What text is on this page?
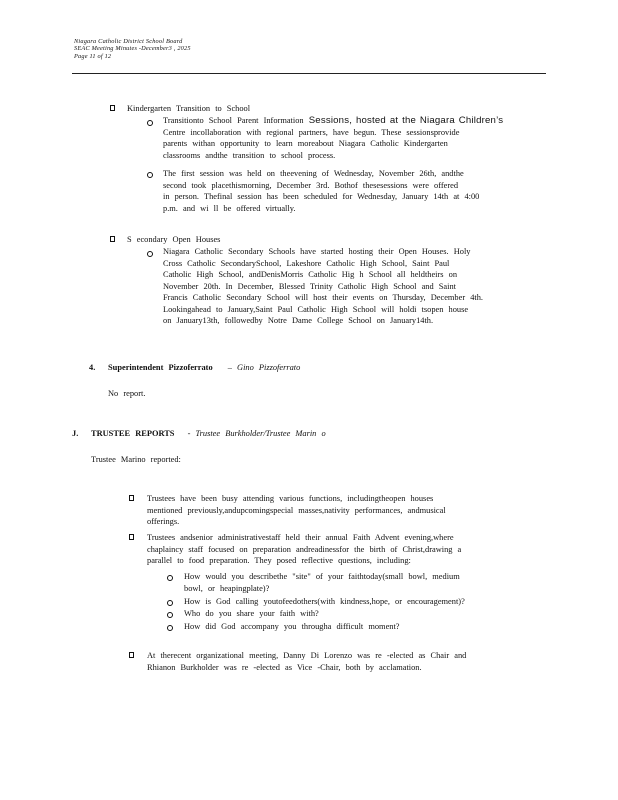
Niagara Catholic District School Board
SEAC Meeting Minutes -December3 , 2025
Page 11 of 12
Kindergarten Transition to School

Transitionto School Parent Information Sessions, hosted at the Niagara Children’s

Centre incollaboration with regional partners, have begun. These sessionsprovide

parents withan opportunity to learn moreabout Niagara Catholic Kindergarten

classrooms andthe transition to school process.

The first session was held on theevening of Wednesday, November 26th, andthe

second took placethismorning, December 3rd. Bothof thesesessions were offered

in person. Thefinal session has been scheduled for Wednesday, January 14th at 4:00

p.m. and wi ll be offered virtually.

S econdary Open Houses

Niagara Catholic Secondary Schools have started hosting their Open Houses. Holy

Cross Catholic SecondarySchool, Lakeshore Catholic High School, Saint Paul

Catholic High School, andDenisMorris Catholic Hig h School all heldtheirs on

November 20th. In December, Blessed Trinity Catholic High School and Saint

Francis Catholic Secondary School will host their events on Thursday, December 4th.

Lookingahead to January,Saint Paul Catholic High School will holdi tsopen house

on January13th, followedby Notre Dame College School on January14th.

4. Superintendent Pizzoferrato – Gino Pizzoferrato
No report.
J. TRUSTEE REPORTS - Trustee Burkholder/Trustee Marin o
Trustee Marino reported:

Trustees have been busy attending various functions, includingtheopen houses

mentioned previously,andupcomingspecial masses,nativity performances, andmusical

offerings.

Trustees andsenior administrativestaff held their annual Faith Advent evening,where

chaplaincy staff focused on preparation andreadinessfor the birth of Christ,drawing a

parallel to food preparation. They posed reflective questions, including:

How would you describethe "site" of your faithtoday(small bowl, medium

bowl, or heapingplate)?

How is God calling youtofeedothers(with kindness,hope, or encouragement)?
Who do you share your faith with?
How did God accompany you througha difficult moment?

At therecent organizational meeting, Danny Di Lorenzo was re -elected as Chair and

Rhianon Burkholder was re -elected as Vice -Chair, both by acclamation.
